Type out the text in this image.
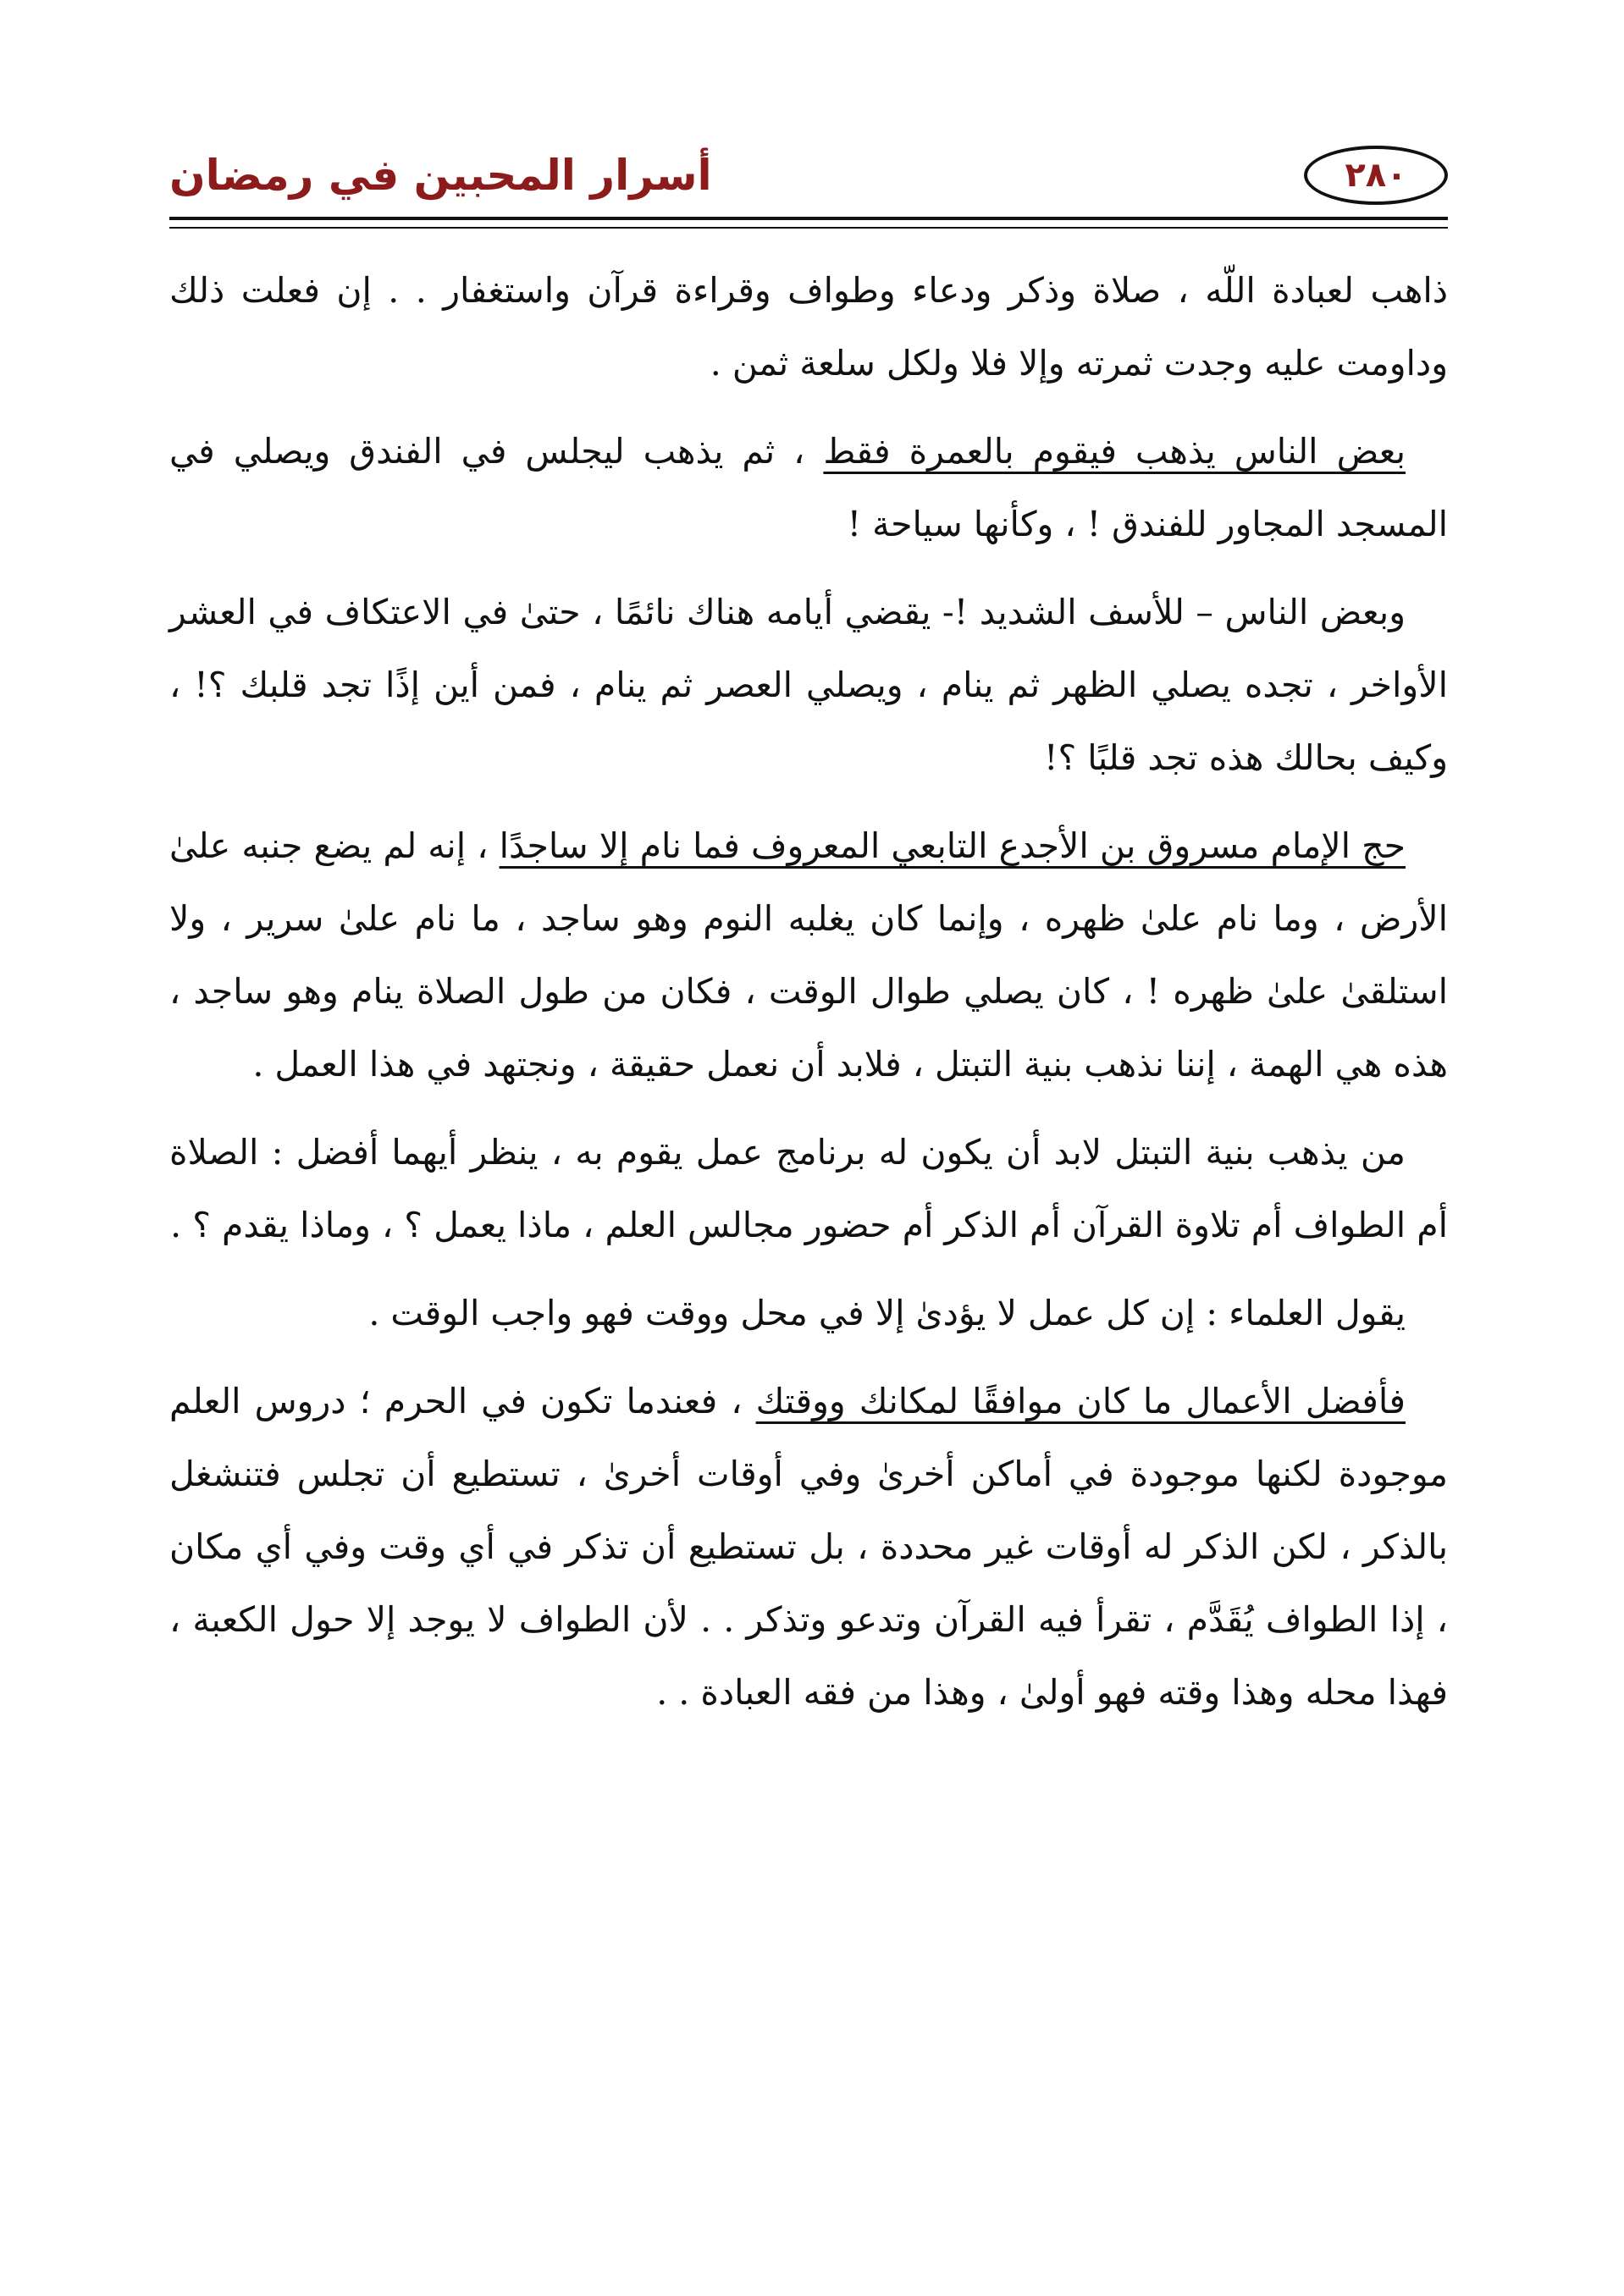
أسرار المحبين في رمضان	٢٨٠

ذاهب لعبادة اللّه ، صلاة وذكر ودعاء وطواف وقراءة قرآن واستغفار . . إن فعلت ذلك وداومت عليه وجدت ثمرته وإلا فلا ولكل سلعة ثمن .

بعض الناس يذهب فيقوم بالعمرة فقط ، ثم يذهب ليجلس في الفندق ويصلي في المسجد المجاور للفندق ! ، وكأنها سياحة !

وبعض الناس – للأسف الشديد !- يقضي أيامه هناك نائمًا ، حتىٰ في الاعتكاف في العشر الأواخر ، تجده يصلي الظهر ثم ينام ، ويصلي العصر ثم ينام ، فمن أين إذًا تجد قلبك ؟! ، وكيف بحالك هذه تجد قلبًا ؟!

حج الإمام مسروق بن الأجدع التابعي المعروف فما نام إلا ساجدًا ، إنه لم يضع جنبه علىٰ الأرض ، وما نام علىٰ ظهره ، وإنما كان يغلبه النوم وهو ساجد ، ما نام علىٰ سرير ، ولا استلقىٰ علىٰ ظهره ! ، كان يصلي طوال الوقت ، فكان من طول الصلاة ينام وهو ساجد ، هذه هي الهمة ، إننا نذهب بنية التبتل ، فلابد أن نعمل حقيقة ، ونجتهد في هذا العمل .

من يذهب بنية التبتل لابد أن يكون له برنامج عمل يقوم به ، ينظر أيهما أفضل : الصلاة أم الطواف أم تلاوة القرآن أم الذكر أم حضور مجالس العلم ، ماذا يعمل ؟ ، وماذا يقدم ؟ .

يقول العلماء : إن كل عمل لا يؤدىٰ إلا في محل ووقت فهو واجب الوقت .

فأفضل الأعمال ما كان موافقًا لمكانك ووقتك ، فعندما تكون في الحرم ؛ دروس العلم موجودة لكنها موجودة في أماكن أخرىٰ وفي أوقات أخرىٰ ، تستطيع أن تجلس فتنشغل بالذكر ، لكن الذكر له أوقات غير محددة ، بل تستطيع أن تذكر في أي وقت وفي أي مكان ، إذا الطواف يُقَدَّم ، تقرأ فيه القرآن وتدعو وتذكر . . لأن الطواف لا يوجد إلا حول الكعبة ، فهذا محله وهذا وقته فهو أولىٰ ، وهذا من فقه العبادة . .
